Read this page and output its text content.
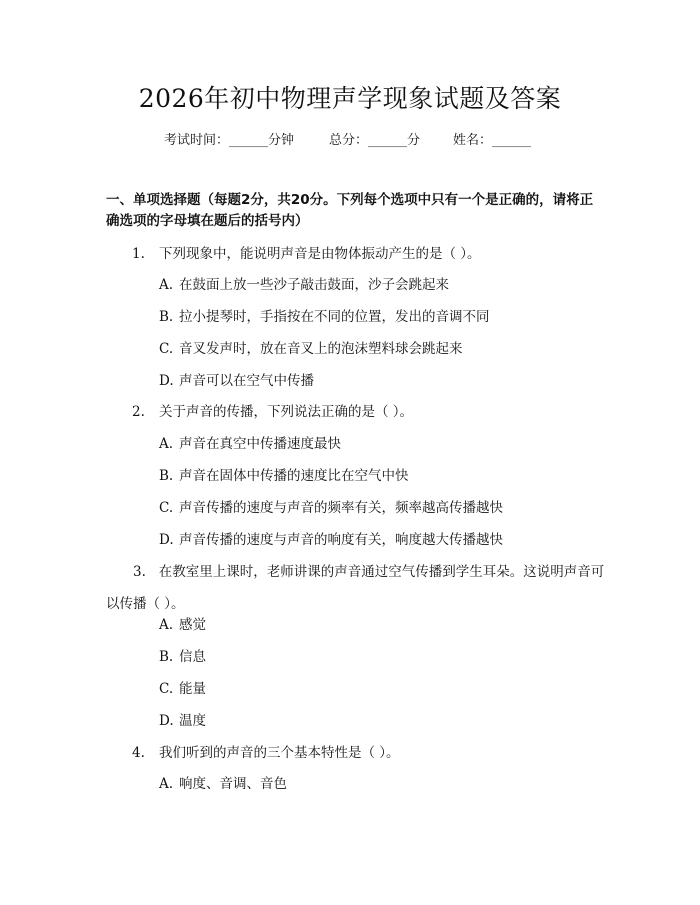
2026年初中物理声学现象试题及答案
考试时间：______分钟	总分：______分	姓名：______
一、单项选择题（每题2分，共20分。下列每个选项中只有一个是正确的，请将正确选项的字母填在题后的括号内）
1. 下列现象中，能说明声音是由物体振动产生的是（ ）。
A. 在鼓面上放一些沙子敲击鼓面，沙子会跳起来
B. 拉小提琴时，手指按在不同的位置，发出的音调不同
C. 音叉发声时，放在音叉上的泡沫塑料球会跳起来
D. 声音可以在空气中传播
2. 关于声音的传播，下列说法正确的是（ ）。
A. 声音在真空中传播速度最快
B. 声音在固体中传播的速度比在空气中快
C. 声音传播的速度与声音的频率有关，频率越高传播越快
D. 声音传播的速度与声音的响度有关，响度越大传播越快
3. 在教室里上课时，老师讲课的声音通过空气传播到学生耳朵。这说明声音可以传播（ ）。
A. 感觉
B. 信息
C. 能量
D. 温度
4. 我们听到的声音的三个基本特性是（ ）。
A. 响度、音调、音色
